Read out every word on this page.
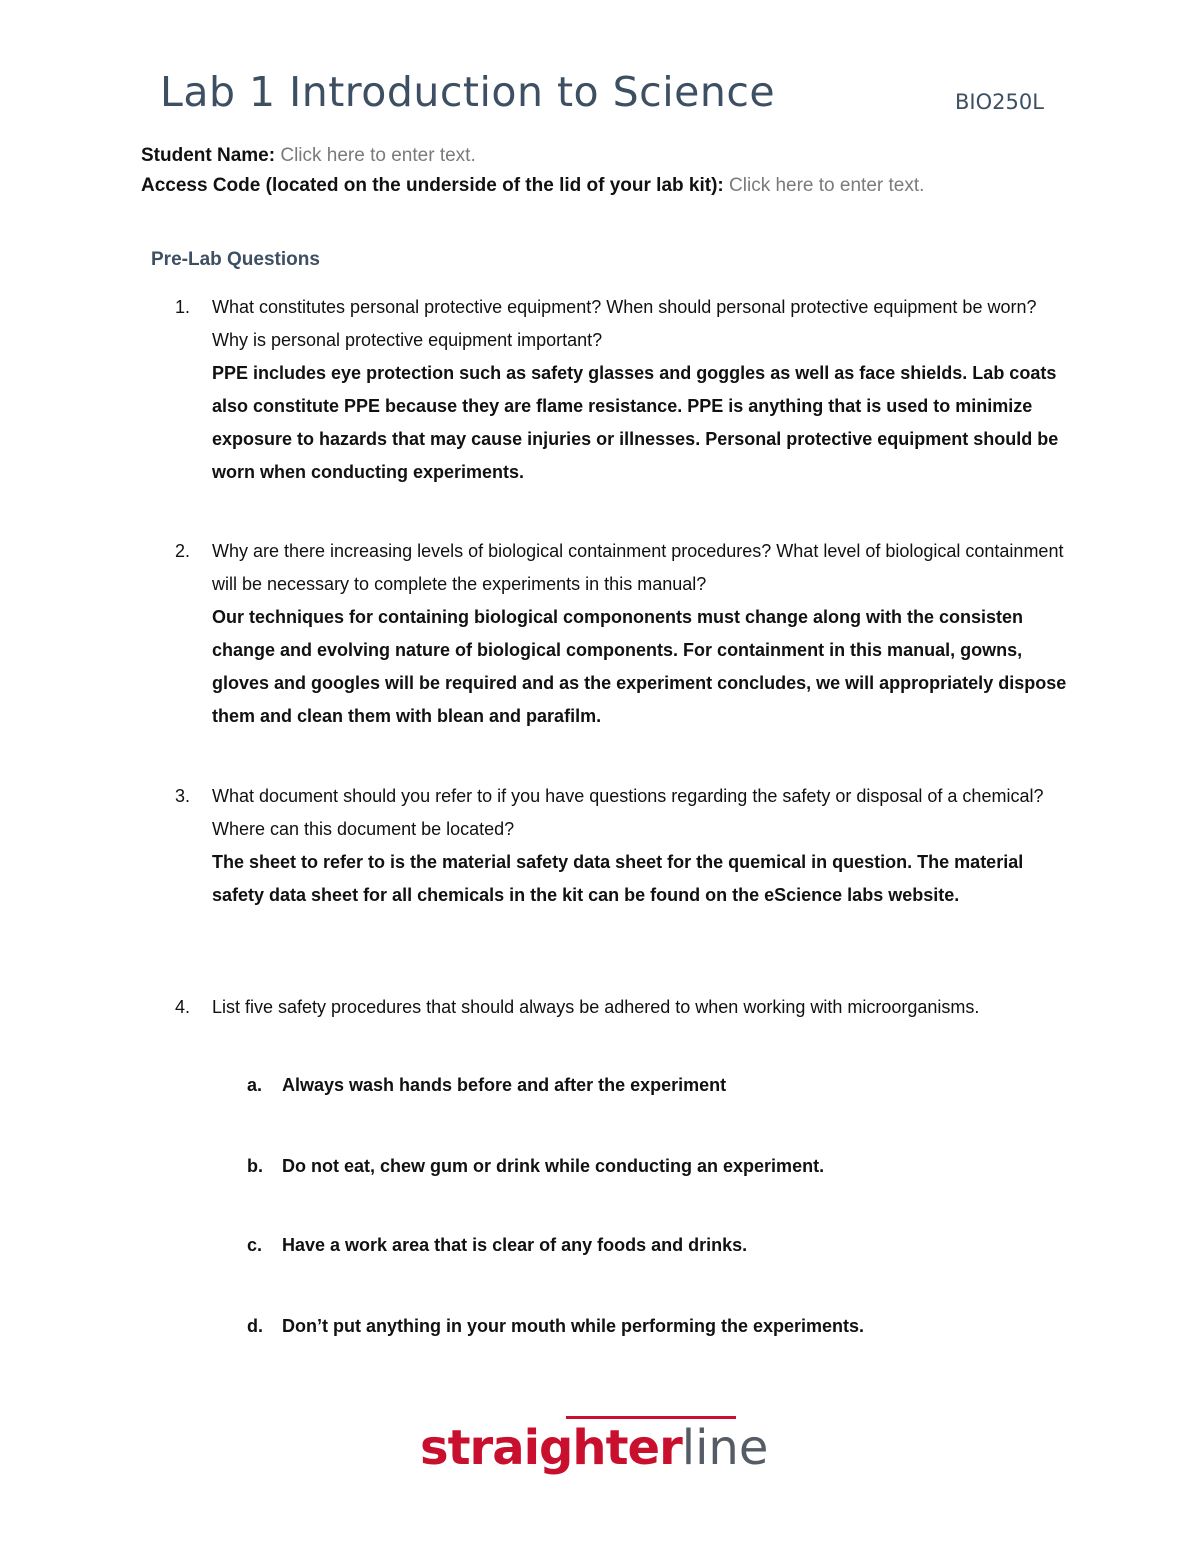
Lab 1 Introduction to Science	BIO250L
Student Name: Click here to enter text.
Access Code (located on the underside of the lid of your lab kit): Click here to enter text.
Pre-Lab Questions
1. What constitutes personal protective equipment? When should personal protective equipment be worn? Why is personal protective equipment important?
PPE includes eye protection such as safety glasses and goggles as well as face shields. Lab coats also constitute PPE because they are flame resistance. PPE is anything that is used to minimize exposure to hazards that may cause injuries or illnesses. Personal protective equipment should be worn when conducting experiments.
2. Why are there increasing levels of biological containment procedures? What level of biological containment will be necessary to complete the experiments in this manual?
Our techniques for containing biological compononents must change along with the consisten change and evolving nature of biological components. For containment in this manual, gowns, gloves and googles will be required and as the experiment concludes, we will appropriately dispose them and clean them with blean and parafilm.
3. What document should you refer to if you have questions regarding the safety or disposal of a chemical? Where can this document be located?
The sheet to refer to is the material safety data sheet for the quemical in question. The material safety data sheet for all chemicals in the kit can be found on the eScience labs website.
4. List five safety procedures that should always be adhered to when working with microorganisms.
a. Always wash hands before and after the experiment
b. Do not eat, chew gum or drink while conducting an experiment.
c. Have a work area that is clear of any foods and drinks.
d. Don’t put anything in your mouth while performing the experiments.
straighterline
